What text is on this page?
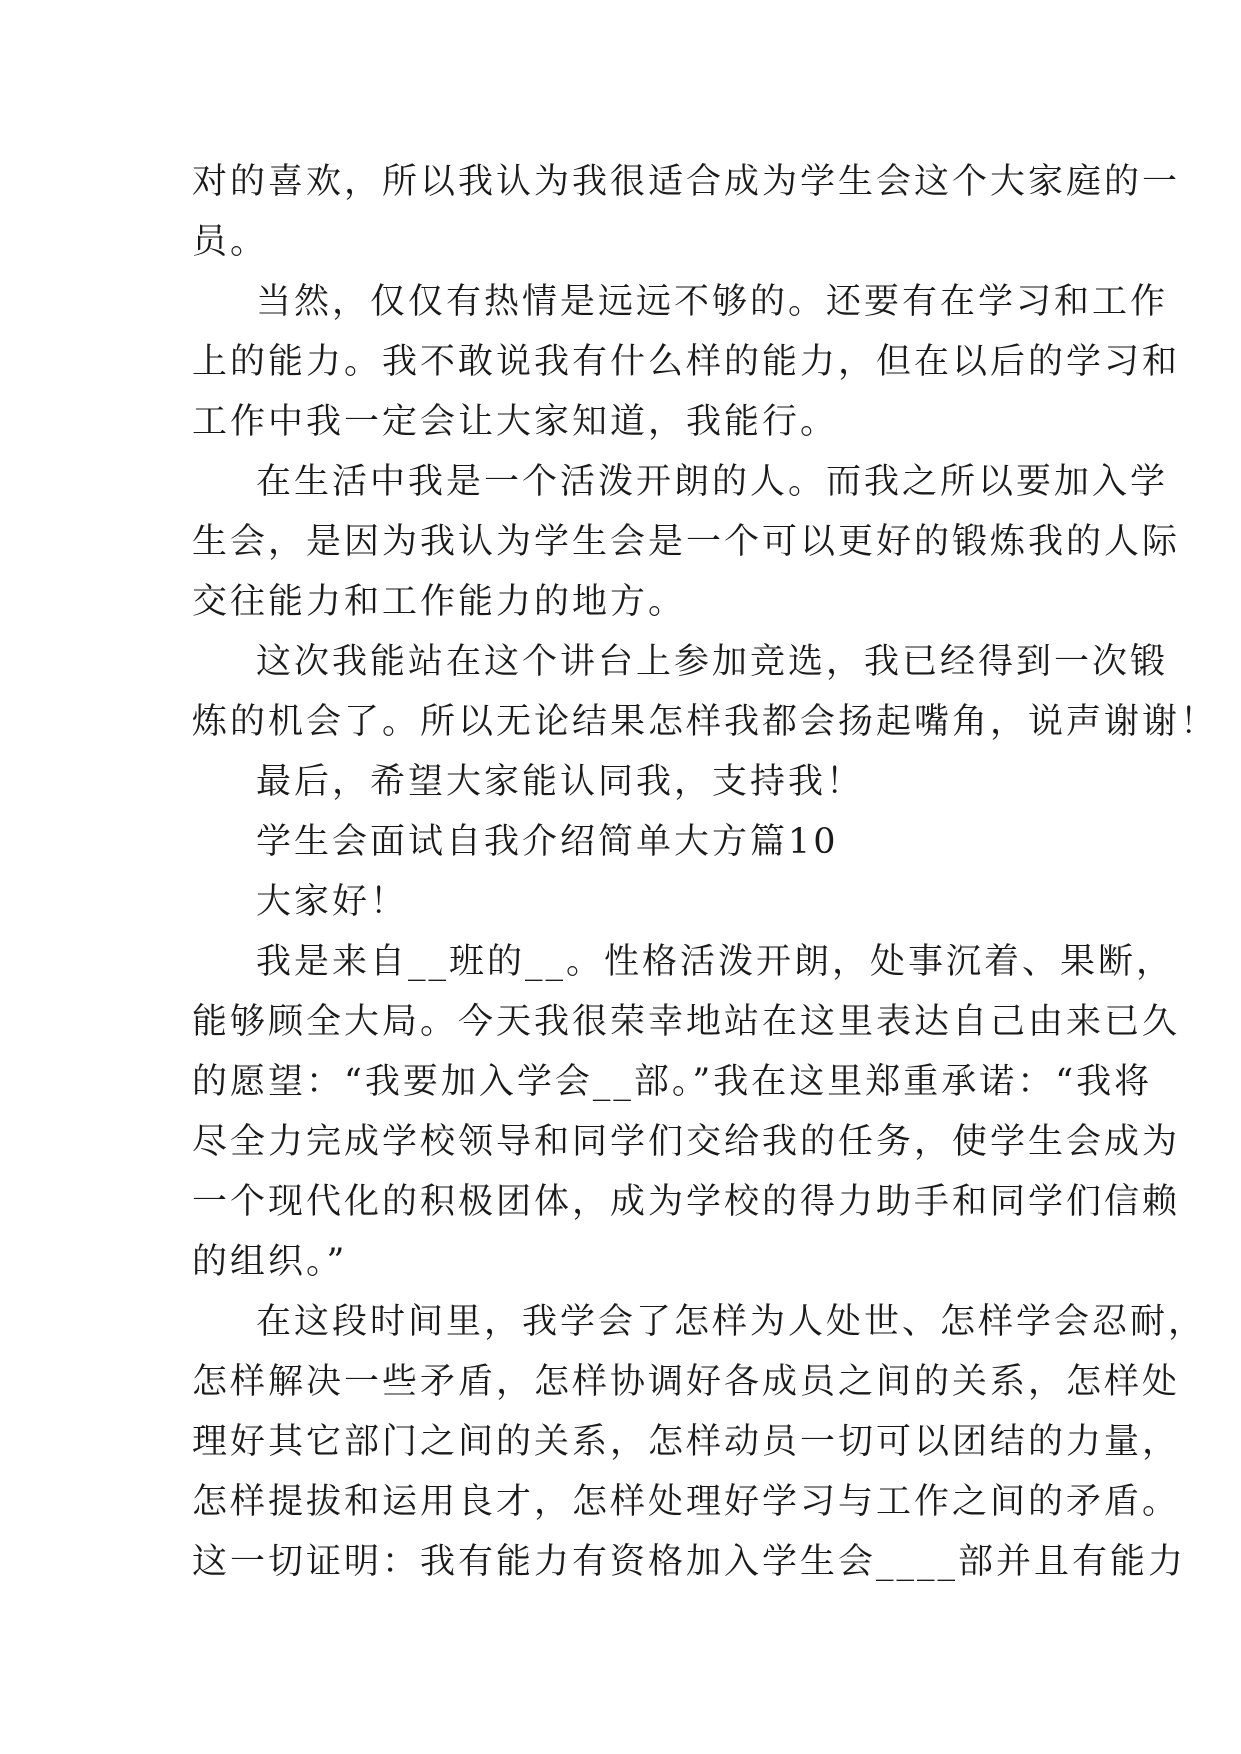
对的喜欢，所以我认为我很适合成为学生会这个大家庭的一
员。
当然，仅仅有热情是远远不够的。还要有在学习和工作
上的能力。我不敢说我有什么样的能力，但在以后的学习和
工作中我一定会让大家知道，我能行。
在生活中我是一个活泼开朗的人。而我之所以要加入学
生会，是因为我认为学生会是一个可以更好的锻炼我的人际
交往能力和工作能力的地方。
这次我能站在这个讲台上参加竞选，我已经得到一次锻
炼的机会了。所以无论结果怎样我都会扬起嘴角，说声谢谢！
最后，希望大家能认同我，支持我！
学生会面试自我介绍简单大方篇10
大家好！
我是来自__班的__。性格活泼开朗，处事沉着、果断，
能够顾全大局。今天我很荣幸地站在这里表达自己由来已久
的愿望：“我要加入学会__部。”我在这里郑重承诺：“我将
尽全力完成学校领导和同学们交给我的任务，使学生会成为
一个现代化的积极团体，成为学校的得力助手和同学们信赖
的组织。”
在这段时间里，我学会了怎样为人处世、怎样学会忍耐，
怎样解决一些矛盾，怎样协调好各成员之间的关系，怎样处
理好其它部门之间的关系，怎样动员一切可以团结的力量，
怎样提拔和运用良才，怎样处理好学习与工作之间的矛盾。
这一切证明：我有能力有资格加入学生会____部并且有能力
